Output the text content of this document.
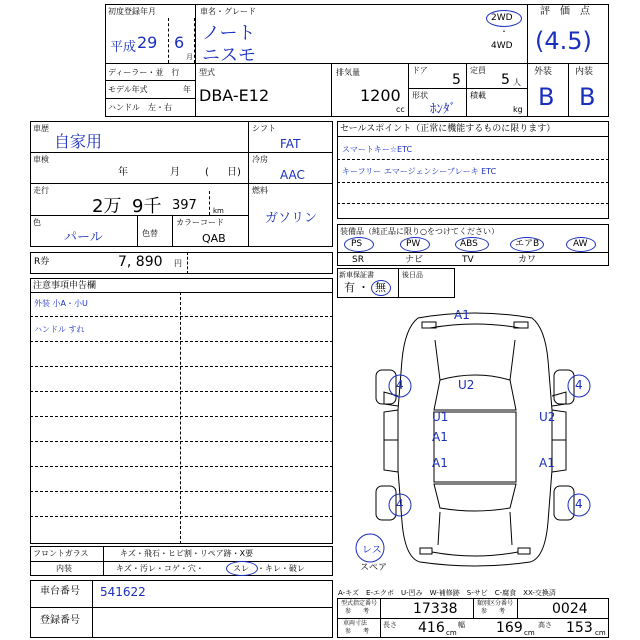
初度登録年月
平成 29 6
月
車名・グレード
ノート
ニスモ
2WD
・
4WD
評　価　点
(4.5)
ディーラー・並　行
モデル年式	年
ハンドル　左・右
型式
DBA-E12
排気量
1200
cc
ドア
5
定員
5 人
形状
ﾎﾝﾀﾞ
積載
kg
外装	内装
B B
車歴
自家用
車検
年	月	( 日)
走行
2万 9千 397 km
色
パール	色替
カラーコード
QAB
シフト
FAT
冷房
AAC
燃料
ガソリン
R券	7, 890 円
セールスポイント（正常に機能するものに限ります）
スマートキー☆ETC
キーフリー エマージェンシーブレーキ ETC
装備品（純正品に限り○をつけてください）
PS	PW	ABS	エアB	AW
SR	ナビ	TV	カワ
新車保証書	後日品
有 ・ 無
注意事項申告欄
外装 小A・小U
ハンドル すれ
フロントガラス	キズ・飛石・ヒビ割・リペア跡・X要
内装	キズ・汚レ・コゲ・穴・	スレ ・キレ・破レ
車台番号 541622
登録番号
A-キズ　E-エクボ　U-凹み　W-補修跡　S-サビ　C-腐食　XX-交換済
型式指定番号
参　　考	17338	類別区分番号
参　　考	0024
車両寸法
参　　考
長さ 416 cm
幅 169 cm
高さ 153 cm
A1
4	U2	4
U1	U2
A1
A1	A1
4	4
レス
スペア
